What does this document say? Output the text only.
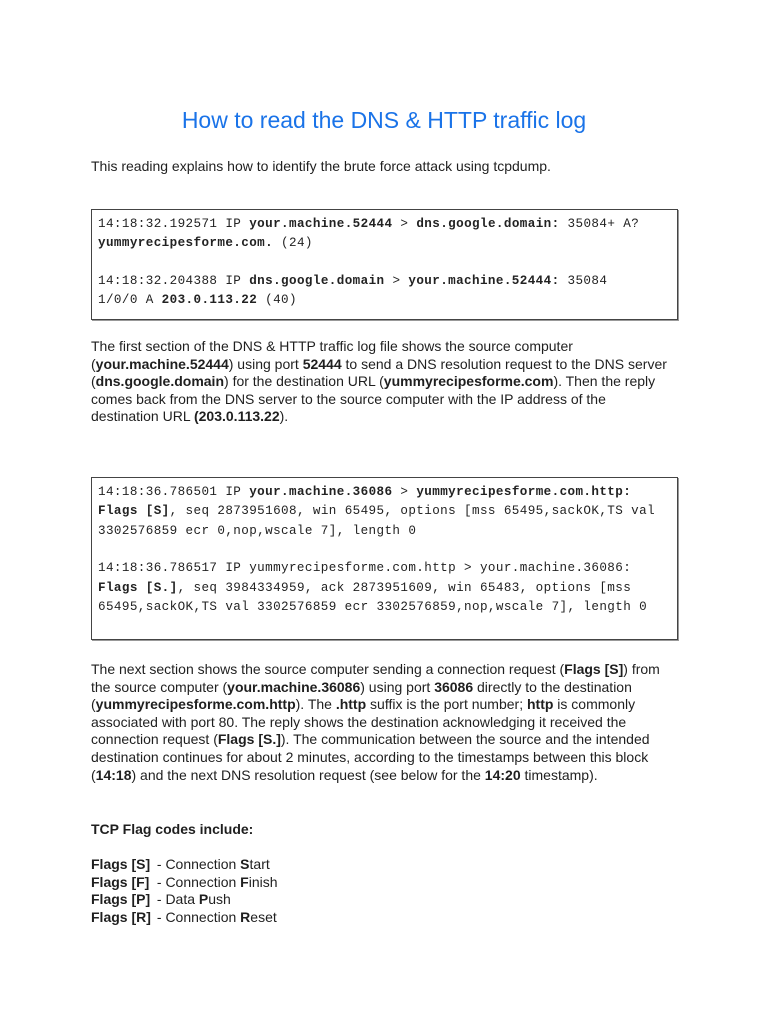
How to read the DNS & HTTP traffic log

This reading explains how to identify the brute force attack using tcpdump.

14:18:32.192571 IP your.machine.52444 > dns.google.domain: 35084+ A?
yummyrecipesforme.com. (24)
14:18:32.204388 IP dns.google.domain > your.machine.52444: 35084
1/0/0 A 203.0.113.22 (40)

The first section of the DNS & HTTP traffic log file shows the source computer (your.machine.52444) using port 52444 to send a DNS resolution request to the DNS server (dns.google.domain) for the destination URL (yummyrecipesforme.com). Then the reply comes back from the DNS server to the source computer with the IP address of the destination URL (203.0.113.22).

14:18:36.786501 IP your.machine.36086 > yummyrecipesforme.com.http:
Flags [S], seq 2873951608, win 65495, options [mss 65495,sackOK,TS val 3302576859 ecr 0,nop,wscale 7], length 0
14:18:36.786517 IP yummyrecipesforme.com.http > your.machine.36086:
Flags [S.], seq 3984334959, ack 2873951609, win 65483, options [mss 65495,sackOK,TS val 3302576859 ecr 3302576859,nop,wscale 7], length 0

The next section shows the source computer sending a connection request (Flags [S]) from the source computer (your.machine.36086) using port 36086 directly to the destination (yummyrecipesforme.com.http). The .http suffix is the port number; http is commonly associated with port 80. The reply shows the destination acknowledging it received the connection request (Flags [S.]). The communication between the source and the intended destination continues for about 2 minutes, according to the timestamps between this block (14:18) and the next DNS resolution request (see below for the 14:20 timestamp).

TCP Flag codes include:

Flags [S] - Connection Start
Flags [F] - Connection Finish
Flags [P] - Data Push
Flags [R] - Connection Reset
